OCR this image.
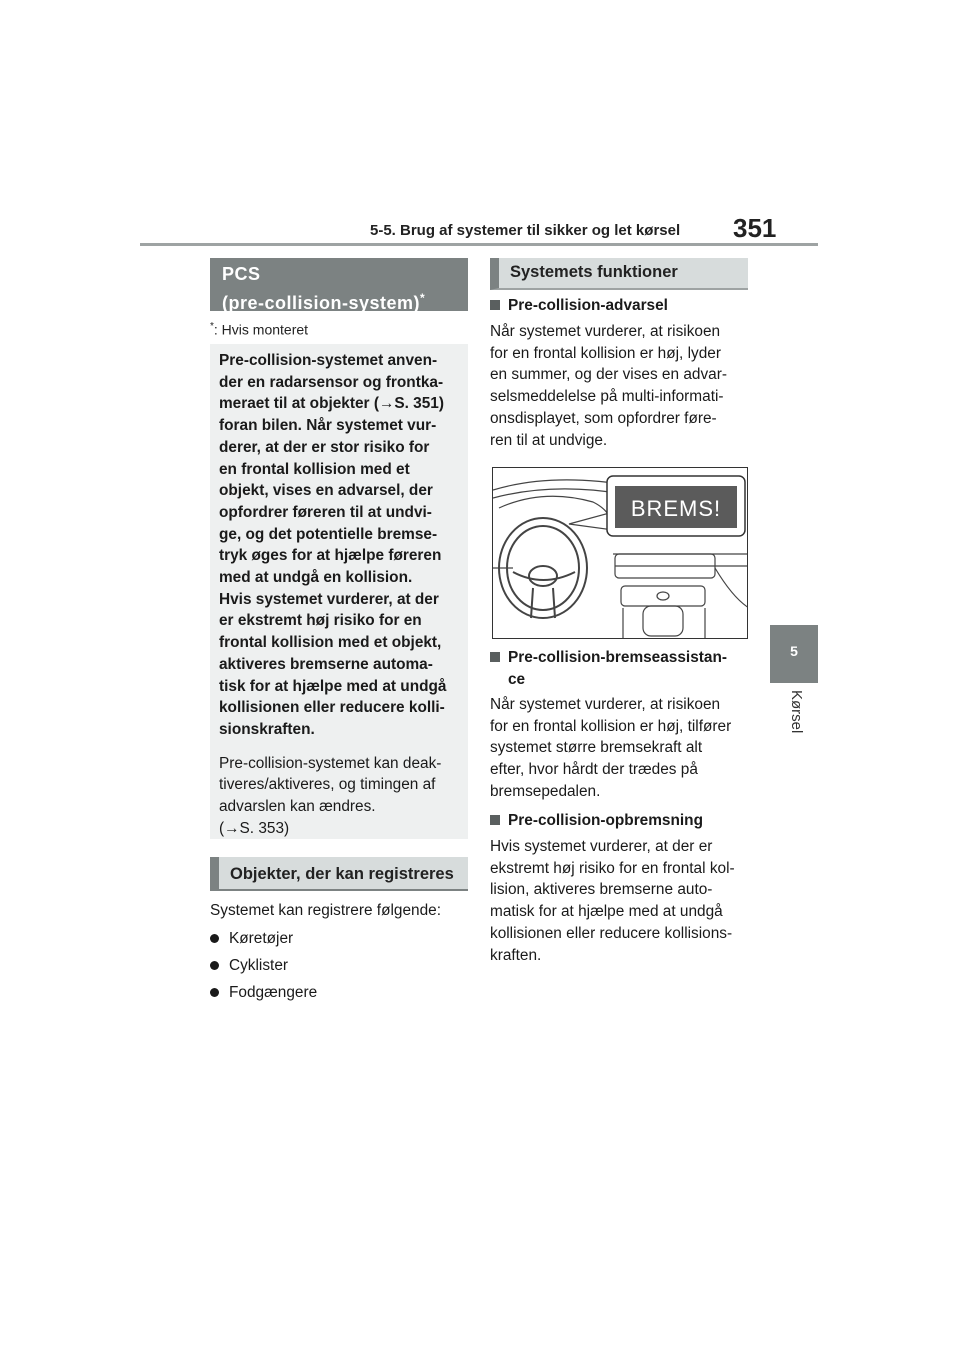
5-5. Brug af systemer til sikker og let kørsel 351
5
Kørsel
PCS
(pre-collision-system)*
*: Hvis monteret

Pre-collision-systemet anven-
der en radarsensor og frontka-
meraet til at objekter (→S. 351)
foran bilen. Når systemet vur-
derer, at der er stor risiko for
en frontal kollision med et
objekt, vises en advarsel, der
opfordrer føreren til at undvi-
ge, og det potentielle bremse-
tryk øges for at hjælpe føreren
med at undgå en kollision.
Hvis systemet vurderer, at der
er ekstremt høj risiko for en
frontal kollision med et objekt,
aktiveres bremserne automa-
tisk for at hjælpe med at undgå
kollisionen eller reducere kolli-
sionskraften.

Pre-collision-systemet kan deak-
tiveres/aktiveres, og timingen af
advarslen kan ændres.
(→S. 353)

Objekter, der kan registreres
Systemet kan registrere følgende:
Køretøjer
Cyklister
Fodgængere
Systemets funktioner
Pre-collision-advarsel
Når systemet vurderer, at risikoen
for en frontal kollision er høj, lyder
en summer, og der vises en advar-
selsmeddelelse på multi-informati-
onsdisplayet, som opfordrer føre-
ren til at undvige.
BREMS!
Pre-collision-bremseassistan-
ce
Når systemet vurderer, at risikoen
for en frontal kollision er høj, tilfører
systemet større bremsekraft alt
efter, hvor hårdt der trædes på
bremsepedalen.
Pre-collision-opbremsning
Hvis systemet vurderer, at der er
ekstremt høj risiko for en frontal kol-
lision, aktiveres bremserne auto-
matisk for at hjælpe med at undgå
kollisionen eller reducere kollisions-
kraften.
